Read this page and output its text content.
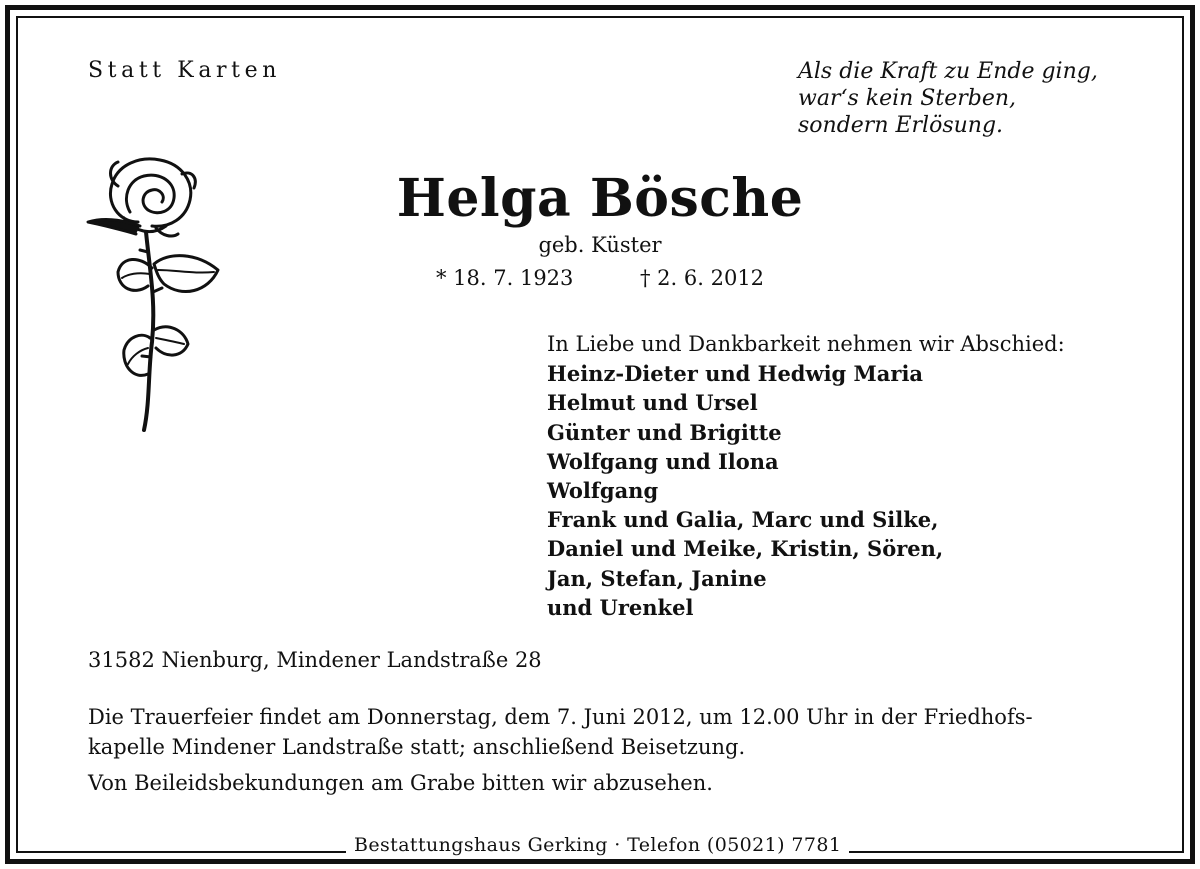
Statt Karten	Als die Kraft zu Ende ging,
war‘s kein Sterben,
sondern Erlösung.
Helga Bösche
geb. Küster
* 18. 7. 1923	† 2. 6. 2012
In Liebe und Dankbarkeit nehmen wir Abschied:
Heinz-Dieter und Hedwig Maria
Helmut und Ursel
Günter und Brigitte
Wolfgang und Ilona
Wolfgang
Frank und Galia, Marc und Silke,
Daniel und Meike, Kristin, Sören,
Jan, Stefan, Janine
und Urenkel
31582 Nienburg, Mindener Landstraße 28
Die Trauerfeier findet am Donnerstag, dem 7. Juni 2012, um 12.00 Uhr in der Friedhofs-
kapelle Mindener Landstraße statt; anschließend Beisetzung.
Von Beileidsbekundungen am Grabe bitten wir abzusehen.
Bestattungshaus Gerking · Telefon (05021) 7781
